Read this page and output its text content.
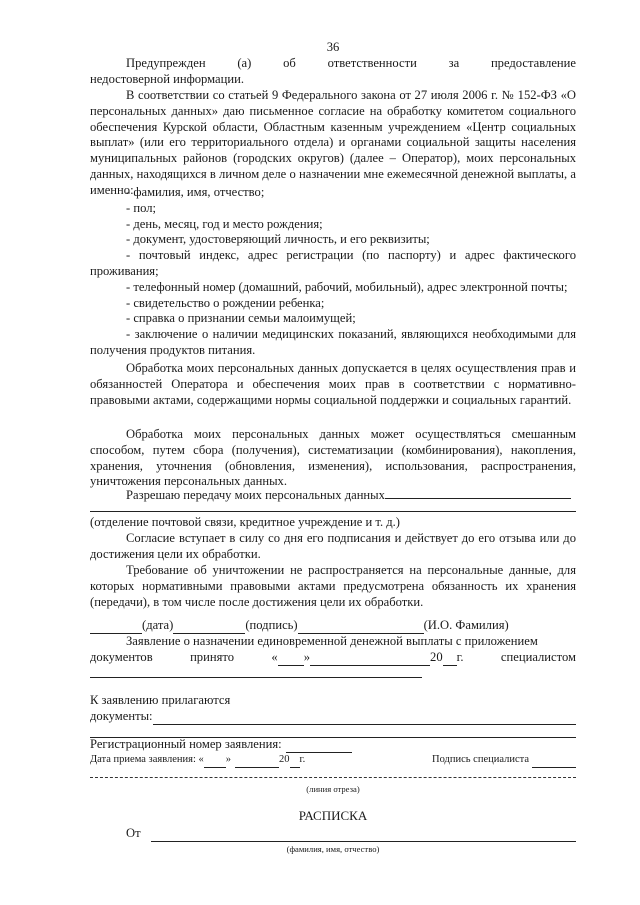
36
Предупрежден	(а)	об	ответственности	за	предоставление
недостоверной информации.

В соответствии со статьей 9 Федерального закона от 27 июля 2006 г. № 152-ФЗ «О персональных данных» даю письменное согласие на обработку комитетом социального обеспечения Курской области, Областным казенным учреждением «Центр социальных выплат» (или его территориального отдела) и органами социальной защиты населения муниципальных районов (городских округов) (далее – Оператор), моих персональных данных, находящихся в личном деле о назначении мне ежемесячной денежной выплаты, а именно:

- фамилия, имя, отчество;

- пол;

- день, месяц, год и место рождения;

- документ, удостоверяющий личность, и его реквизиты;

- почтовый индекс, адрес регистрации (по паспорту) и адрес фактического проживания;

- телефонный номер (домашний, рабочий, мобильный), адрес электронной почты;

- свидетельство о рождении ребенка;

- справка о признании семьи малоимущей;

- заключение о наличии медицинских показаний, являющихся необходимыми для получения продуктов питания.

Обработка моих персональных данных допускается в целях осуществления прав и обязанностей Оператора и обеспечения моих прав в соответствии с нормативно-правовыми актами, содержащими нормы социальной поддержки и социальных гарантий.

Обработка моих персональных данных может осуществляться смешанным способом, путем сбора (получения), систематизации (комбинирования), накопления, хранения, уточнения (обновления, изменения), использования, распространения, уничтожения персональных данных.

Разрешаю передачу моих персональных данных
(отделение почтовой связи, кредитное учреждение и т. д.)

Согласие вступает в силу со дня его подписания и действует до его отзыва или до достижения цели их обработки.

Требование об уничтожении не распространяется на персональные данные, для которых нормативными правовыми актами предусмотрена обязанность их хранения (передачи), в том числе после достижения цели их обработки.

(дата)	(подпись)	(И.О. Фамилия)

Заявление о назначении единовременной денежной выплаты с приложением

документов	принято	« »	20 г.	специалистом
К заявлению прилагаются
документы:
Регистрационный номер заявления:
Дата приема заявления: « »	20 г.	Подпись специалиста
(линия отреза)
РАСПИСКА
От
(фамилия, имя, отчество)
